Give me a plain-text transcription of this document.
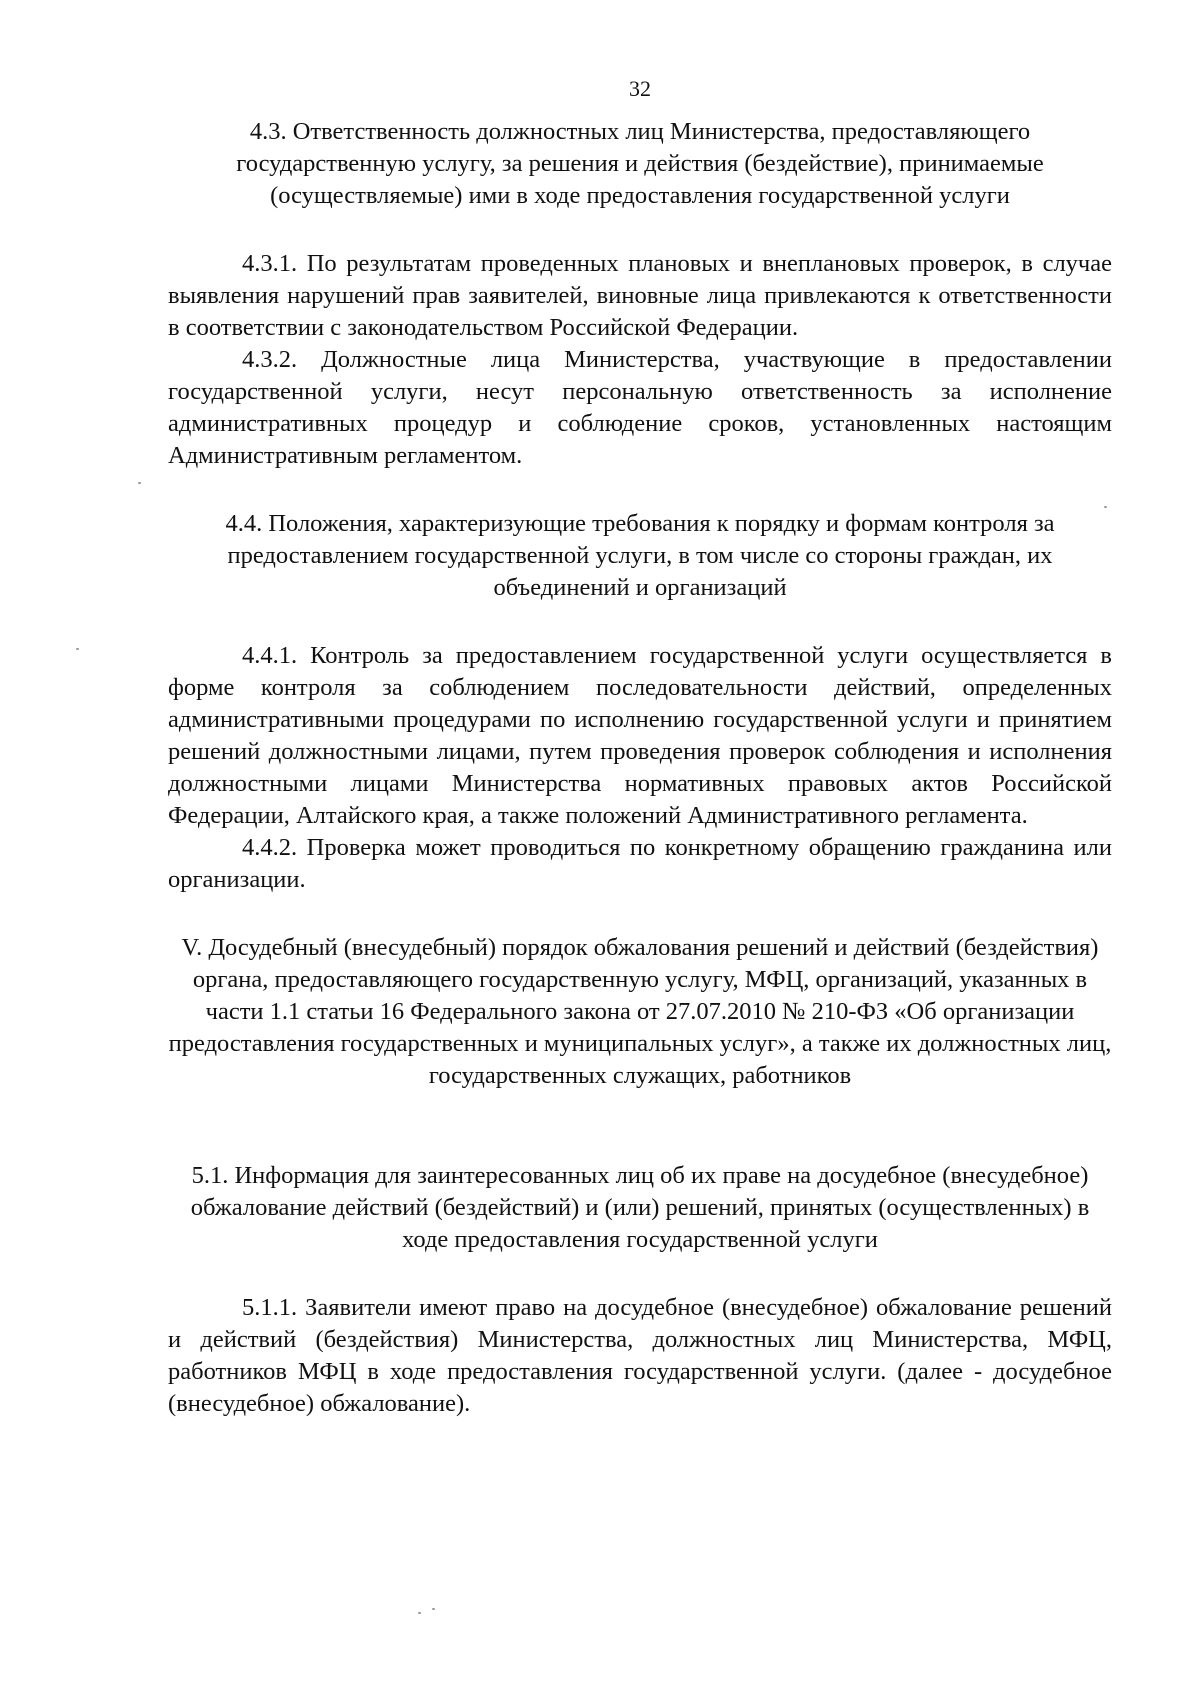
32
4.3. Ответственность должностных лиц Министерства, предоставляющего государственную услугу, за решения и действия (бездействие), принимаемые (осуществляемые) ими в ходе предоставления государственной услуги
4.3.1. По результатам проведенных плановых и внеплановых проверок, в случае выявления нарушений прав заявителей, виновные лица привлекаются к ответственности в соответствии с законодательством Российской Федерации.
4.3.2. Должностные лица Министерства, участвующие в предоставлении государственной услуги, несут персональную ответственность за исполнение административных процедур и соблюдение сроков, установленных настоящим Административным регламентом.
4.4. Положения, характеризующие требования к порядку и формам контроля за предоставлением государственной услуги, в том числе со стороны граждан, их объединений и организаций
4.4.1. Контроль за предоставлением государственной услуги осуществляется в форме контроля за соблюдением последовательности действий, определенных административными процедурами по исполнению государственной услуги и принятием решений должностными лицами, путем проведения проверок соблюдения и исполнения должностными лицами Министерства нормативных правовых актов Российской Федерации, Алтайского края, а также положений Административного регламента.
4.4.2. Проверка может проводиться по конкретному обращению гражданина или организации.
V. Досудебный (внесудебный) порядок обжалования решений и действий (бездействия) органа, предоставляющего государственную услугу, МФЦ, организаций, указанных в части 1.1 статьи 16 Федерального закона от 27.07.2010 № 210-ФЗ «Об организации предоставления государственных и муниципальных услуг», а также их должностных лиц, государственных служащих, работников
5.1. Информация для заинтересованных лиц об их праве на досудебное (внесудебное) обжалование действий (бездействий) и (или) решений, принятых (осуществленных) в ходе предоставления государственной услуги
5.1.1. Заявители имеют право на досудебное (внесудебное) обжалование решений и действий (бездействия) Министерства, должностных лиц Министерства, МФЦ, работников МФЦ в ходе предоставления государственной услуги. (далее - досудебное (внесудебное) обжалование).
